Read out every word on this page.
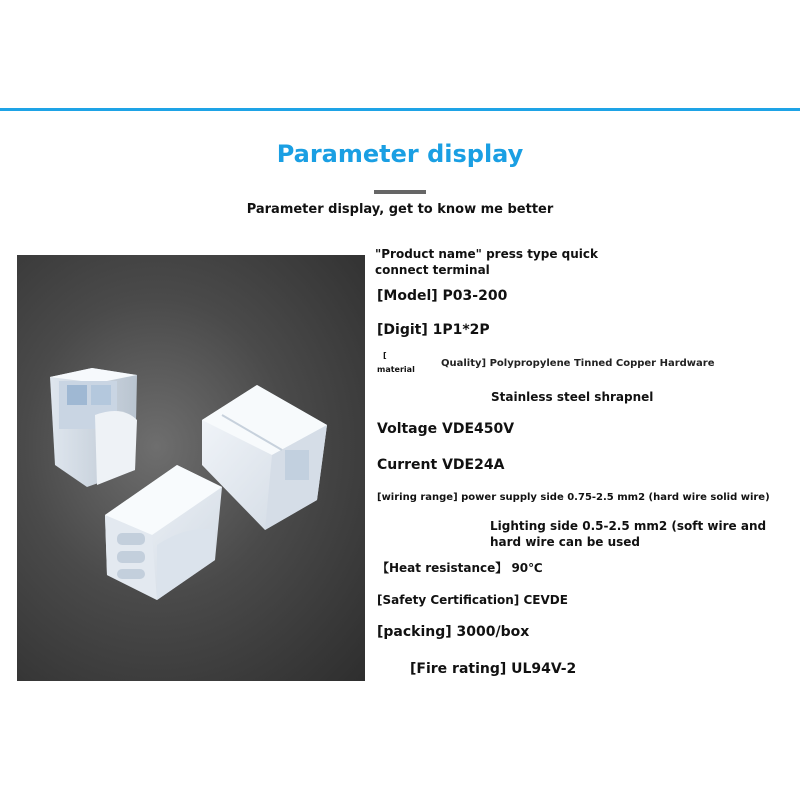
Parameter display
Parameter display, get to know me better
"Product name" press type quick connect terminal
[Model] P03-200
[Digit] 1P1*2P
[
material
Quality] Polypropylene Tinned Copper Hardware
Stainless steel shrapnel
Voltage VDE450V
Current VDE24A
[wiring range] power supply side 0.75-2.5 mm2 (hard wire solid wire)
Lighting side 0.5-2.5 mm2 (soft wire and hard wire can be used
【Heat resistance】 90℃
[Safety Certification] CEVDE
[packing] 3000/box
[Fire rating] UL94V-2
